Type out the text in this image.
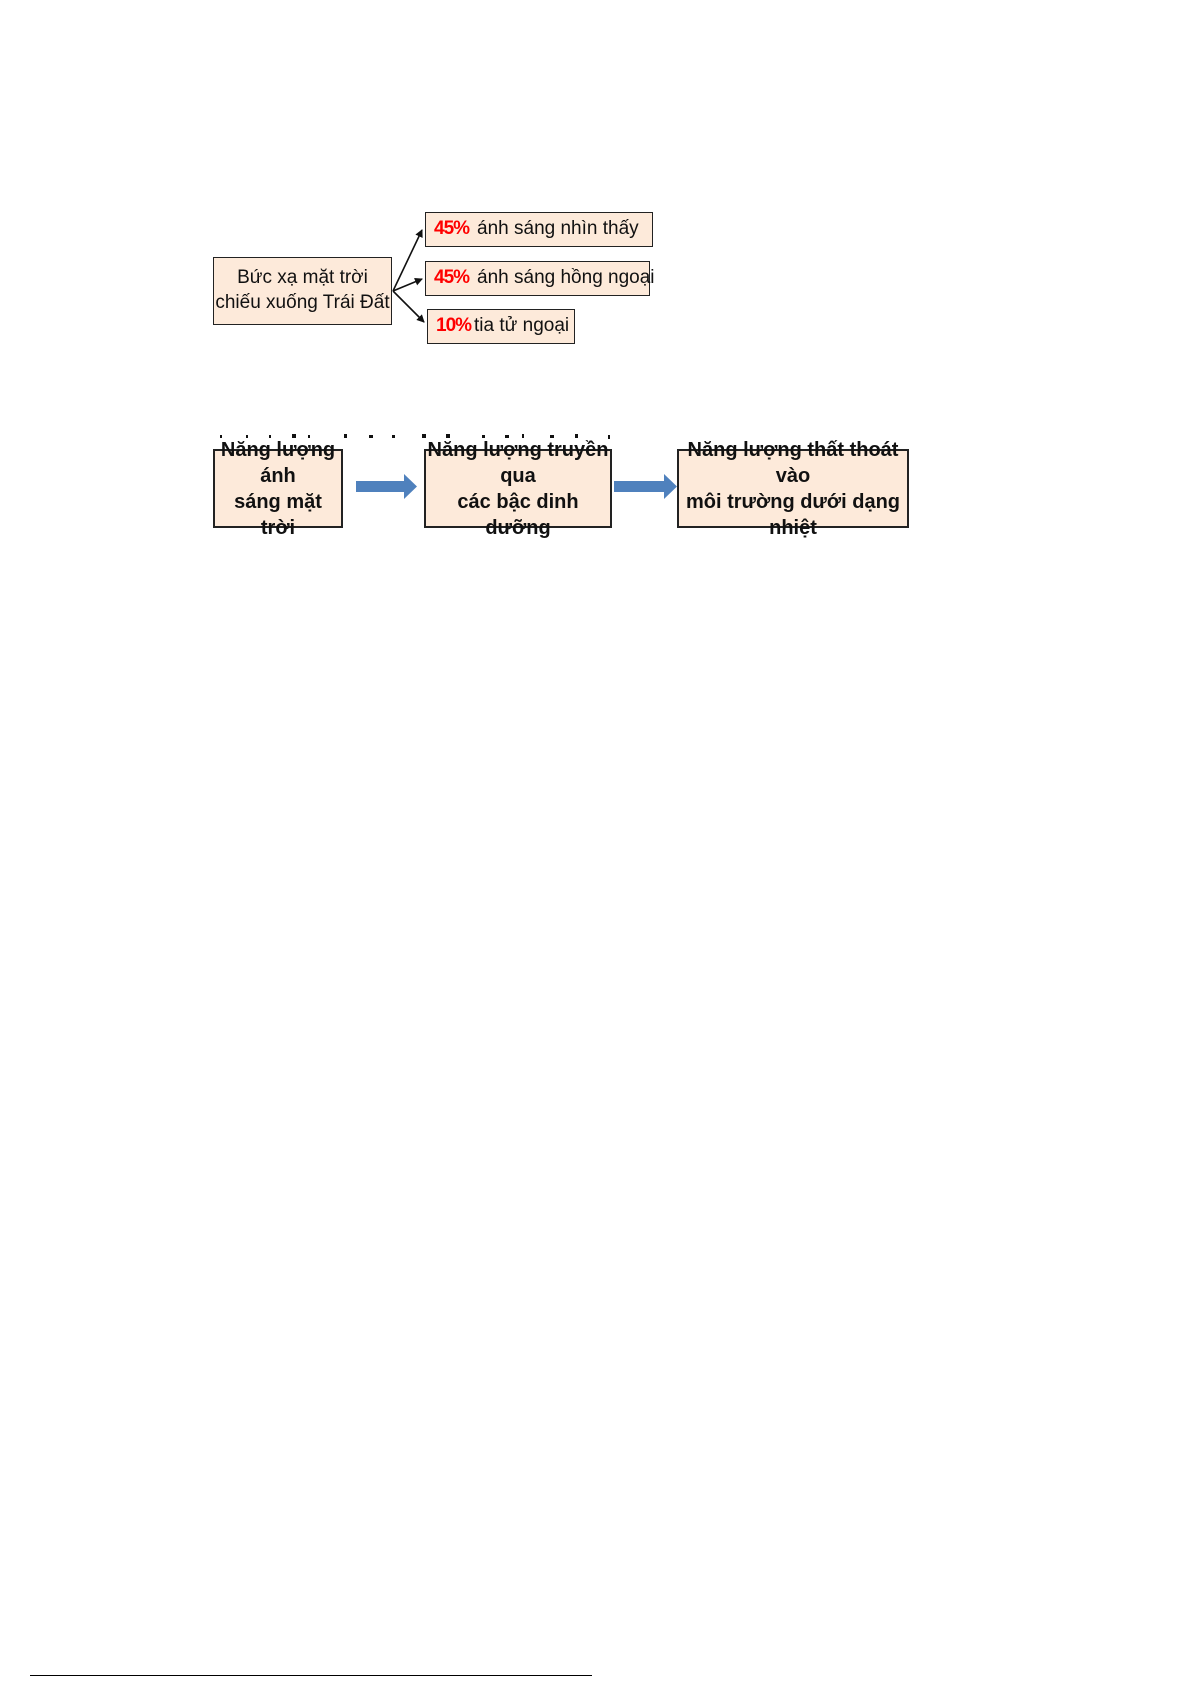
Bức xạ mặt trời
chiếu xuống Trái Đất
45% ánh sáng nhìn thấy
45% ánh sáng hồng ngoại
10% tia tử ngoại
Năng lượng ánh
sáng mặt trời
Năng lượng truyền qua
các bậc dinh dưỡng
Năng lượng thất thoát vào
môi trường dưới dạng nhiệt
